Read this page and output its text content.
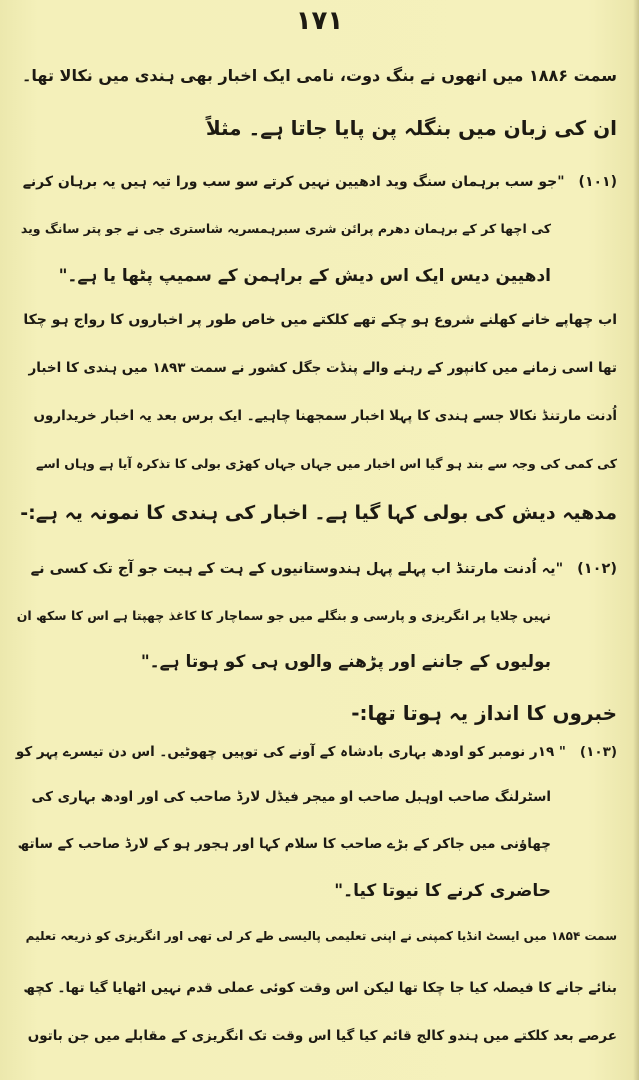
۱۷۱
سمت ۱۸۸۶ میں انھوں نے بنگ دوت، نامی ایک اخبار بھی ہندی میں نکالا تھا۔
ان کی زبان میں بنگلہ پن پایا جاتا ہے۔ مثلاً
(۱۰۱)"جو سب برہمان سنگ وید ادھیین نہیں کرتے سو سب ورا تیہ ہیں یہ برہان کرنے
کی اچھا کر کے برہمان دھرم پرائن شری سبرہمسریہ شاستری جی نے جو پتر سانگ وید
ادھیین دیس ایک اس دیش کے براہمن کے سمیپ پٹھا یا ہے۔"
اب چھاپے خانے کھلنے شروع ہو چکے تھے کلکتے میں خاص طور پر اخباروں کا رواج ہو چکا
تھا اسی زمانے میں کانپور کے رہنے والے پنڈت جگل کشور نے سمت ۱۸۹۳ میں ہندی کا اخبار
اُدنت مارتنڈ نکالا جسے ہندی کا پہلا اخبار سمجھنا چاہیے۔ ایک برس بعد یہ اخبار خریداروں
کی کمی کی وجہ سے بند ہو گیا اس اخبار میں جہاں جہاں کھڑی بولی کا تذکرہ آیا ہے وہاں اسے
مدھیہ دیش کی بولی کہا گیا ہے۔ اخبار کی ہندی کا نمونہ یہ ہے:-
(۱۰۲)"یہ اُدنت مارتنڈ اب پہلے پہل ہندوستانیوں کے ہت کے ہیت جو آج تک کسی نے
نہیں چلایا پر انگریزی و پارسی و بنگلے میں جو سماچار کا کاغذ چھپتا ہے اس کا سکھ ان
بولیوں کے جاننے اور پڑھنے والوں ہی کو ہوتا ہے۔"
خبروں کا انداز یہ ہوتا تھا:-
(۱۰۳)" ۱۹ر نومبر کو اودھ بہاری بادشاہ کے آونے کی توپیں چھوٹیں۔ اس دن تیسرے پہر کو
اسٹرلنگ صاحب اوہبل صاحب او میجر فیڈل لارڈ صاحب کی اور اودھ بہاری کی
چھاؤنی میں جاکر کے بڑے صاحب کا سلام کہا اور ہجور ہو کے لارڈ صاحب کے ساتھ
حاضری کرنے کا نیوتا کیا۔"
سمت ۱۸۵۴ میں ایسٹ انڈیا کمپنی نے اپنی تعلیمی پالیسی طے کر لی تھی اور انگریزی کو ذریعہ تعلیم
بنائے جانے کا فیصلہ کیا جا چکا تھا لیکن اس وقت کوئی عملی قدم نہیں اٹھایا گیا تھا۔ کچھ
عرصے بعد کلکتے میں ہندو کالج قائم کیا گیا اس وقت تک انگریزی کے مقابلے میں جن باتوں
